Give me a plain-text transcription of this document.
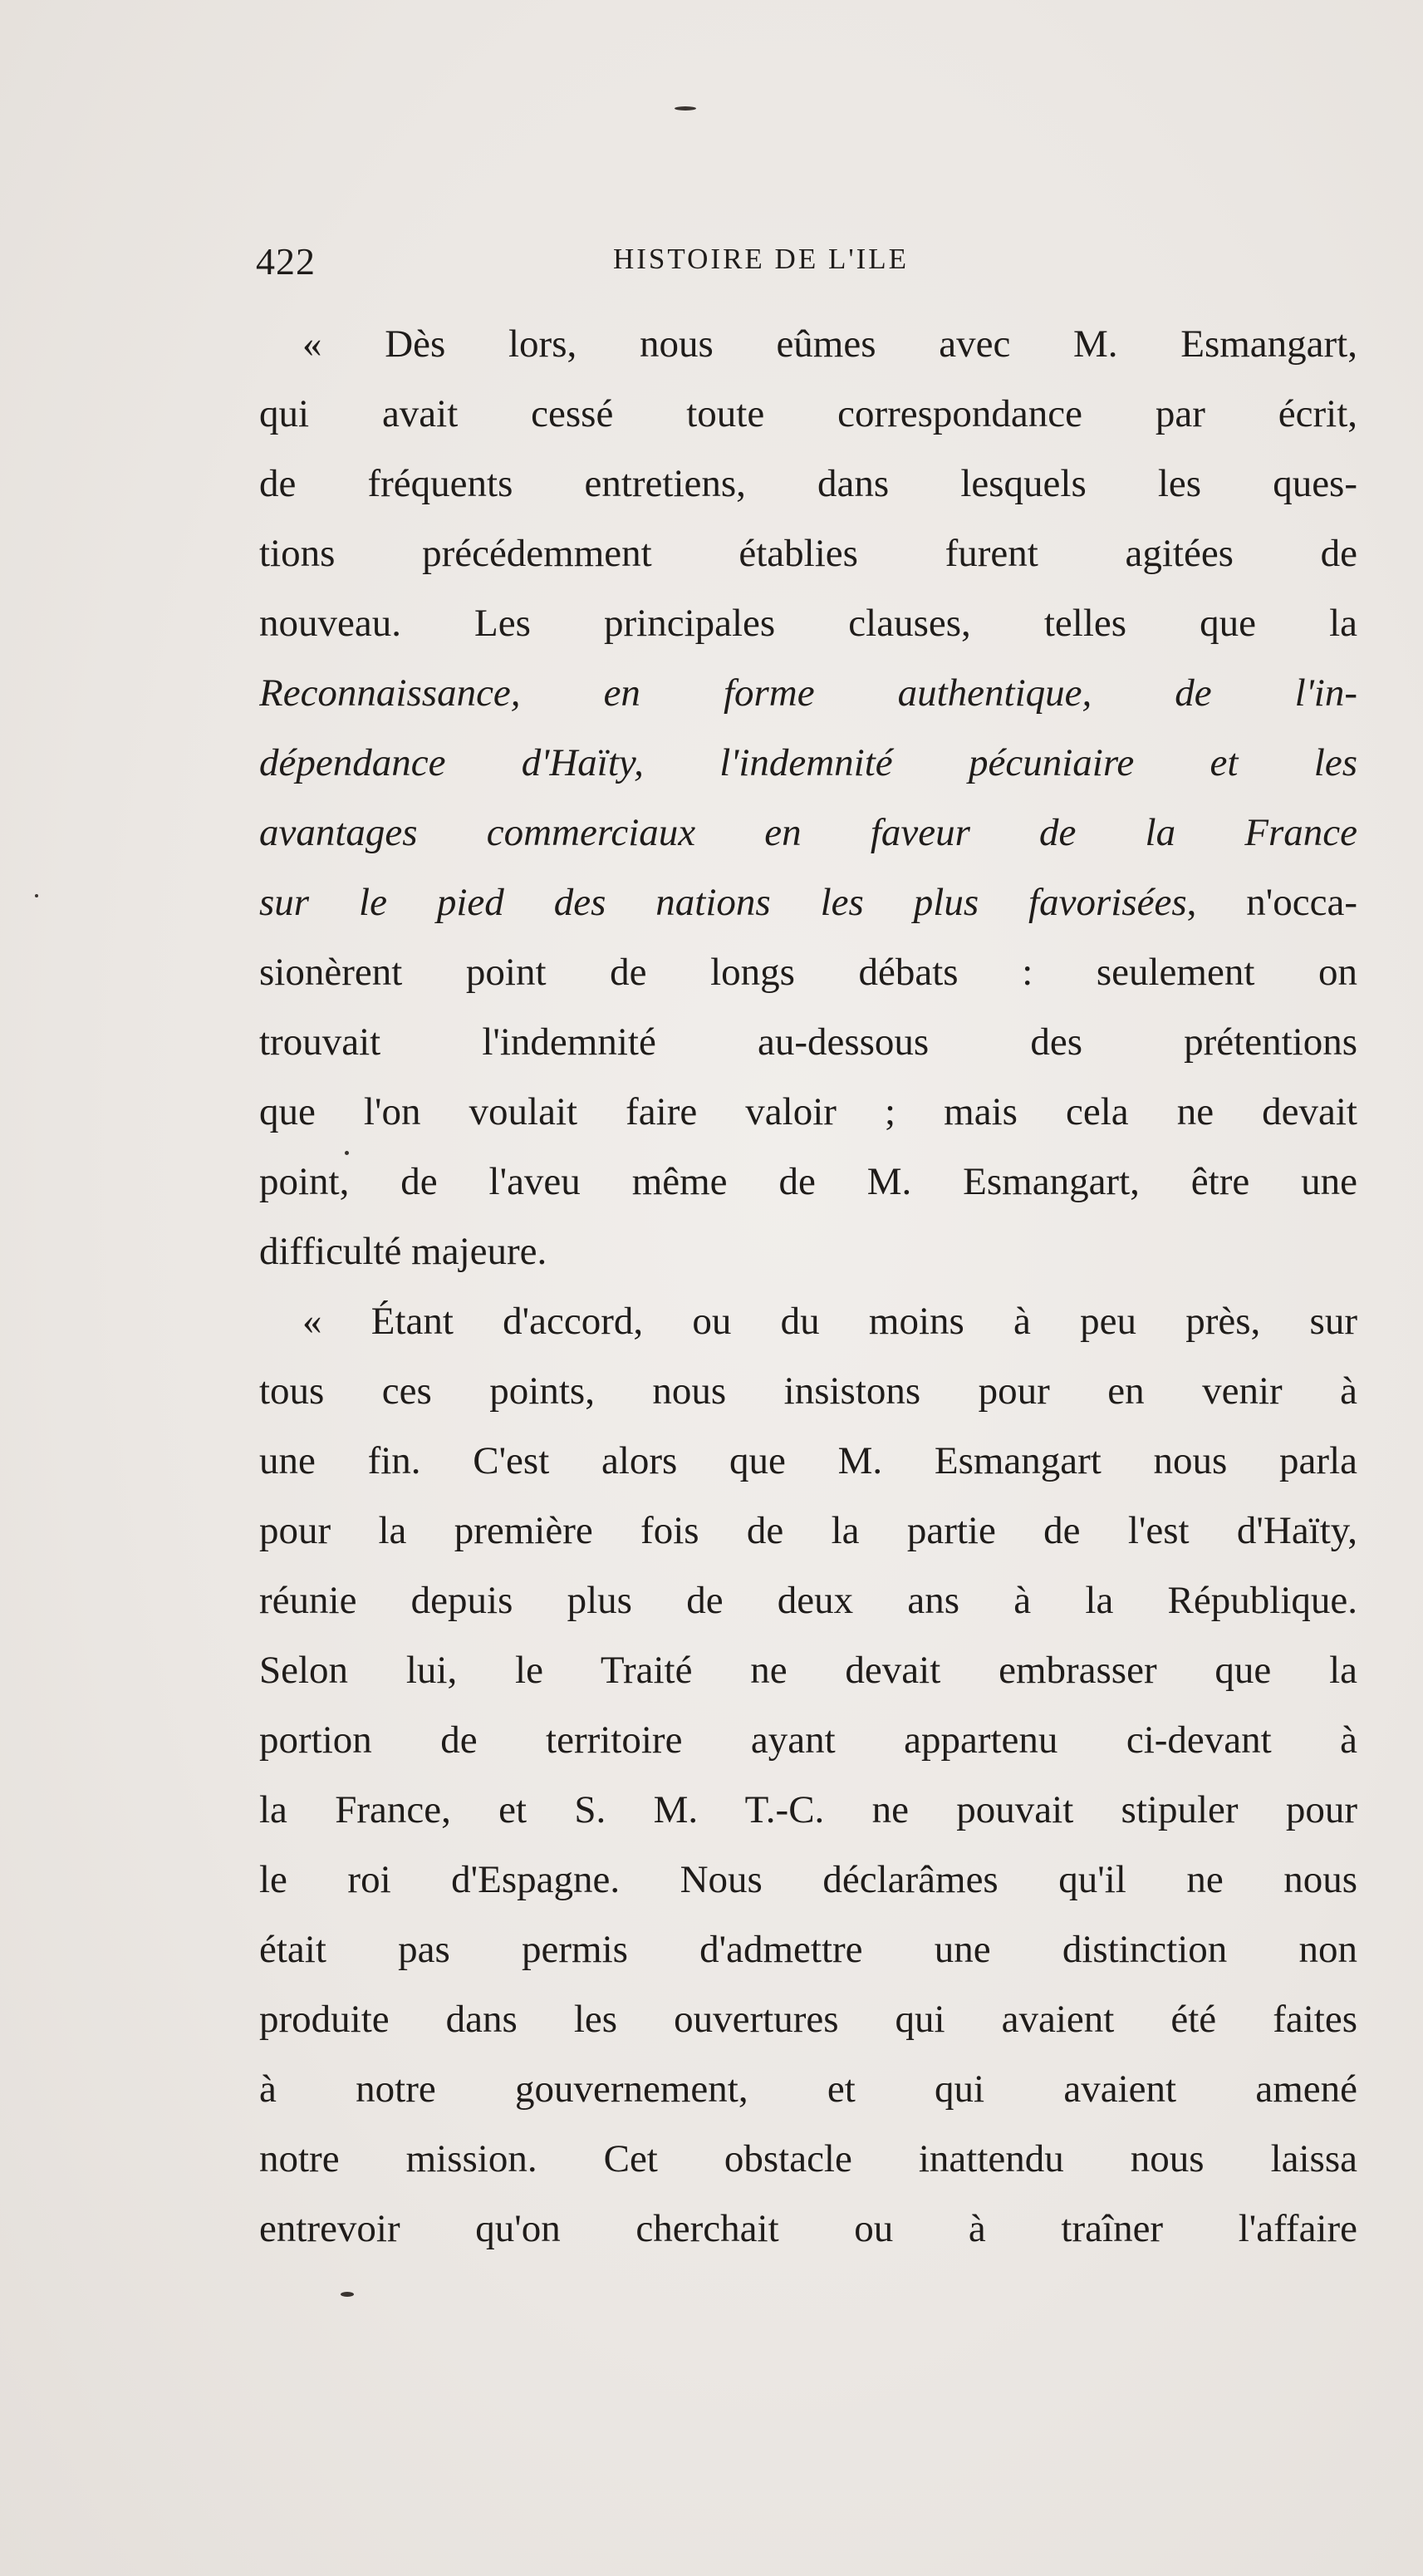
422	HISTOIRE DE L'ILE
« Dès lors, nous eûmes avec M. Esmangart,
qui avait cessé toute correspondance par écrit,
de fréquents entretiens, dans lesquels les ques-
tions précédemment établies furent agitées de
nouveau. Les principales clauses, telles que la
Reconnaissance, en forme authentique, de l'in-
dépendance d'Haïty, l'indemnité pécuniaire et les
avantages commerciaux en faveur de la France
sur le pied des nations les plus favorisées, n'occa-
sionèrent point de longs débats : seulement on
trouvait l'indemnité au-dessous des prétentions
que l'on voulait faire valoir ; mais cela ne devait
point, de l'aveu même de M. Esmangart, être une
difficulté majeure.
« Étant d'accord, ou du moins à peu près, sur
tous ces points, nous insistons pour en venir à
une fin. C'est alors que M. Esmangart nous parla
pour la première fois de la partie de l'est d'Haïty,
réunie depuis plus de deux ans à la République.
Selon lui, le Traité ne devait embrasser que la
portion de territoire ayant appartenu ci-devant à
la France, et S. M. T.-C. ne pouvait stipuler pour
le roi d'Espagne. Nous déclarâmes qu'il ne nous
était pas permis d'admettre une distinction non
produite dans les ouvertures qui avaient été faites
à notre gouvernement, et qui avaient amené
notre mission. Cet obstacle inattendu nous laissa
entrevoir qu'on cherchait ou à traîner l'affaire
